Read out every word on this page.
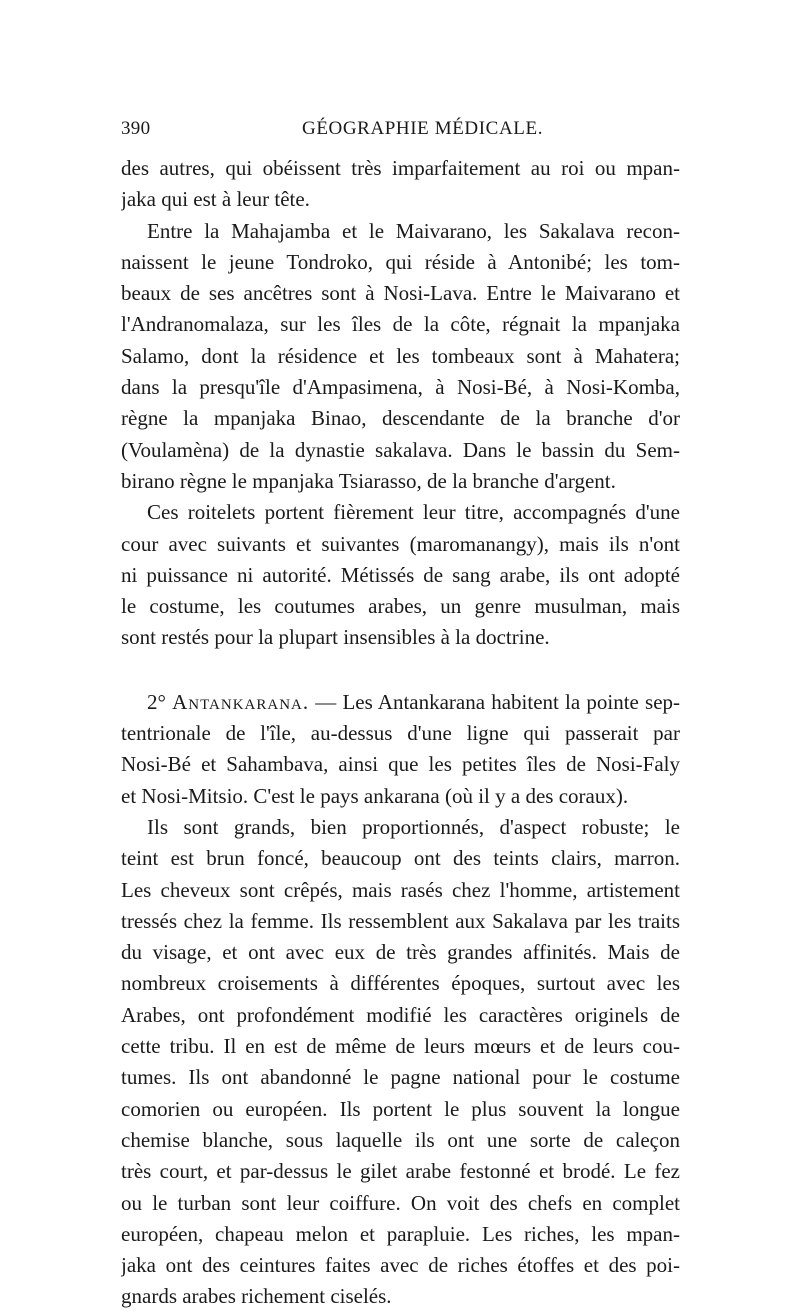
390	GÉOGRAPHIE MÉDICALE.
des autres, qui obéissent très imparfaitement au roi ou mpan-
jaka qui est à leur tête.
Entre la Mahajamba et le Maivarano, les Sakalava recon-
naissent le jeune Tondroko, qui réside à Antonibé; les tom-
beaux de ses ancêtres sont à Nosi-Lava. Entre le Maivarano et
l'Andranomalaza, sur les îles de la côte, régnait la mpanjaka
Salamo, dont la résidence et les tombeaux sont à Mahatera;
dans la presqu'île d'Ampasimena, à Nosi-Bé, à Nosi-Komba,
règne la mpanjaka Binao, descendante de la branche d'or
(Voulamèna) de la dynastie sakalava. Dans le bassin du Sem-
birano règne le mpanjaka Tsiarasso, de la branche d'argent.
Ces roitelets portent fièrement leur titre, accompagnés d'une
cour avec suivants et suivantes (maromanangy), mais ils n'ont
ni puissance ni autorité. Métissés de sang arabe, ils ont adopté
le costume, les coutumes arabes, un genre musulman, mais
sont restés pour la plupart insensibles à la doctrine.
2° Antankarana. — Les Antankarana habitent la pointe sep-
tentrionale de l'île, au-dessus d'une ligne qui passerait par
Nosi-Bé et Sahambava, ainsi que les petites îles de Nosi-Faly
et Nosi-Mitsio. C'est le pays ankarana (où il y a des coraux).
Ils sont grands, bien proportionnés, d'aspect robuste; le
teint est brun foncé, beaucoup ont des teints clairs, marron.
Les cheveux sont crêpés, mais rasés chez l'homme, artistement
tressés chez la femme. Ils ressemblent aux Sakalava par les traits
du visage, et ont avec eux de très grandes affinités. Mais de
nombreux croisements à différentes époques, surtout avec les
Arabes, ont profondément modifié les caractères originels de
cette tribu. Il en est de même de leurs mœurs et de leurs cou-
tumes. Ils ont abandonné le pagne national pour le costume
comorien ou européen. Ils portent le plus souvent la longue
chemise blanche, sous laquelle ils ont une sorte de caleçon
très court, et par-dessus le gilet arabe festonné et brodé. Le fez
ou le turban sont leur coiffure. On voit des chefs en complet
européen, chapeau melon et parapluie. Les riches, les mpan-
jaka ont des ceintures faites avec de riches étoffes et des poi-
gnards arabes richement ciselés.
